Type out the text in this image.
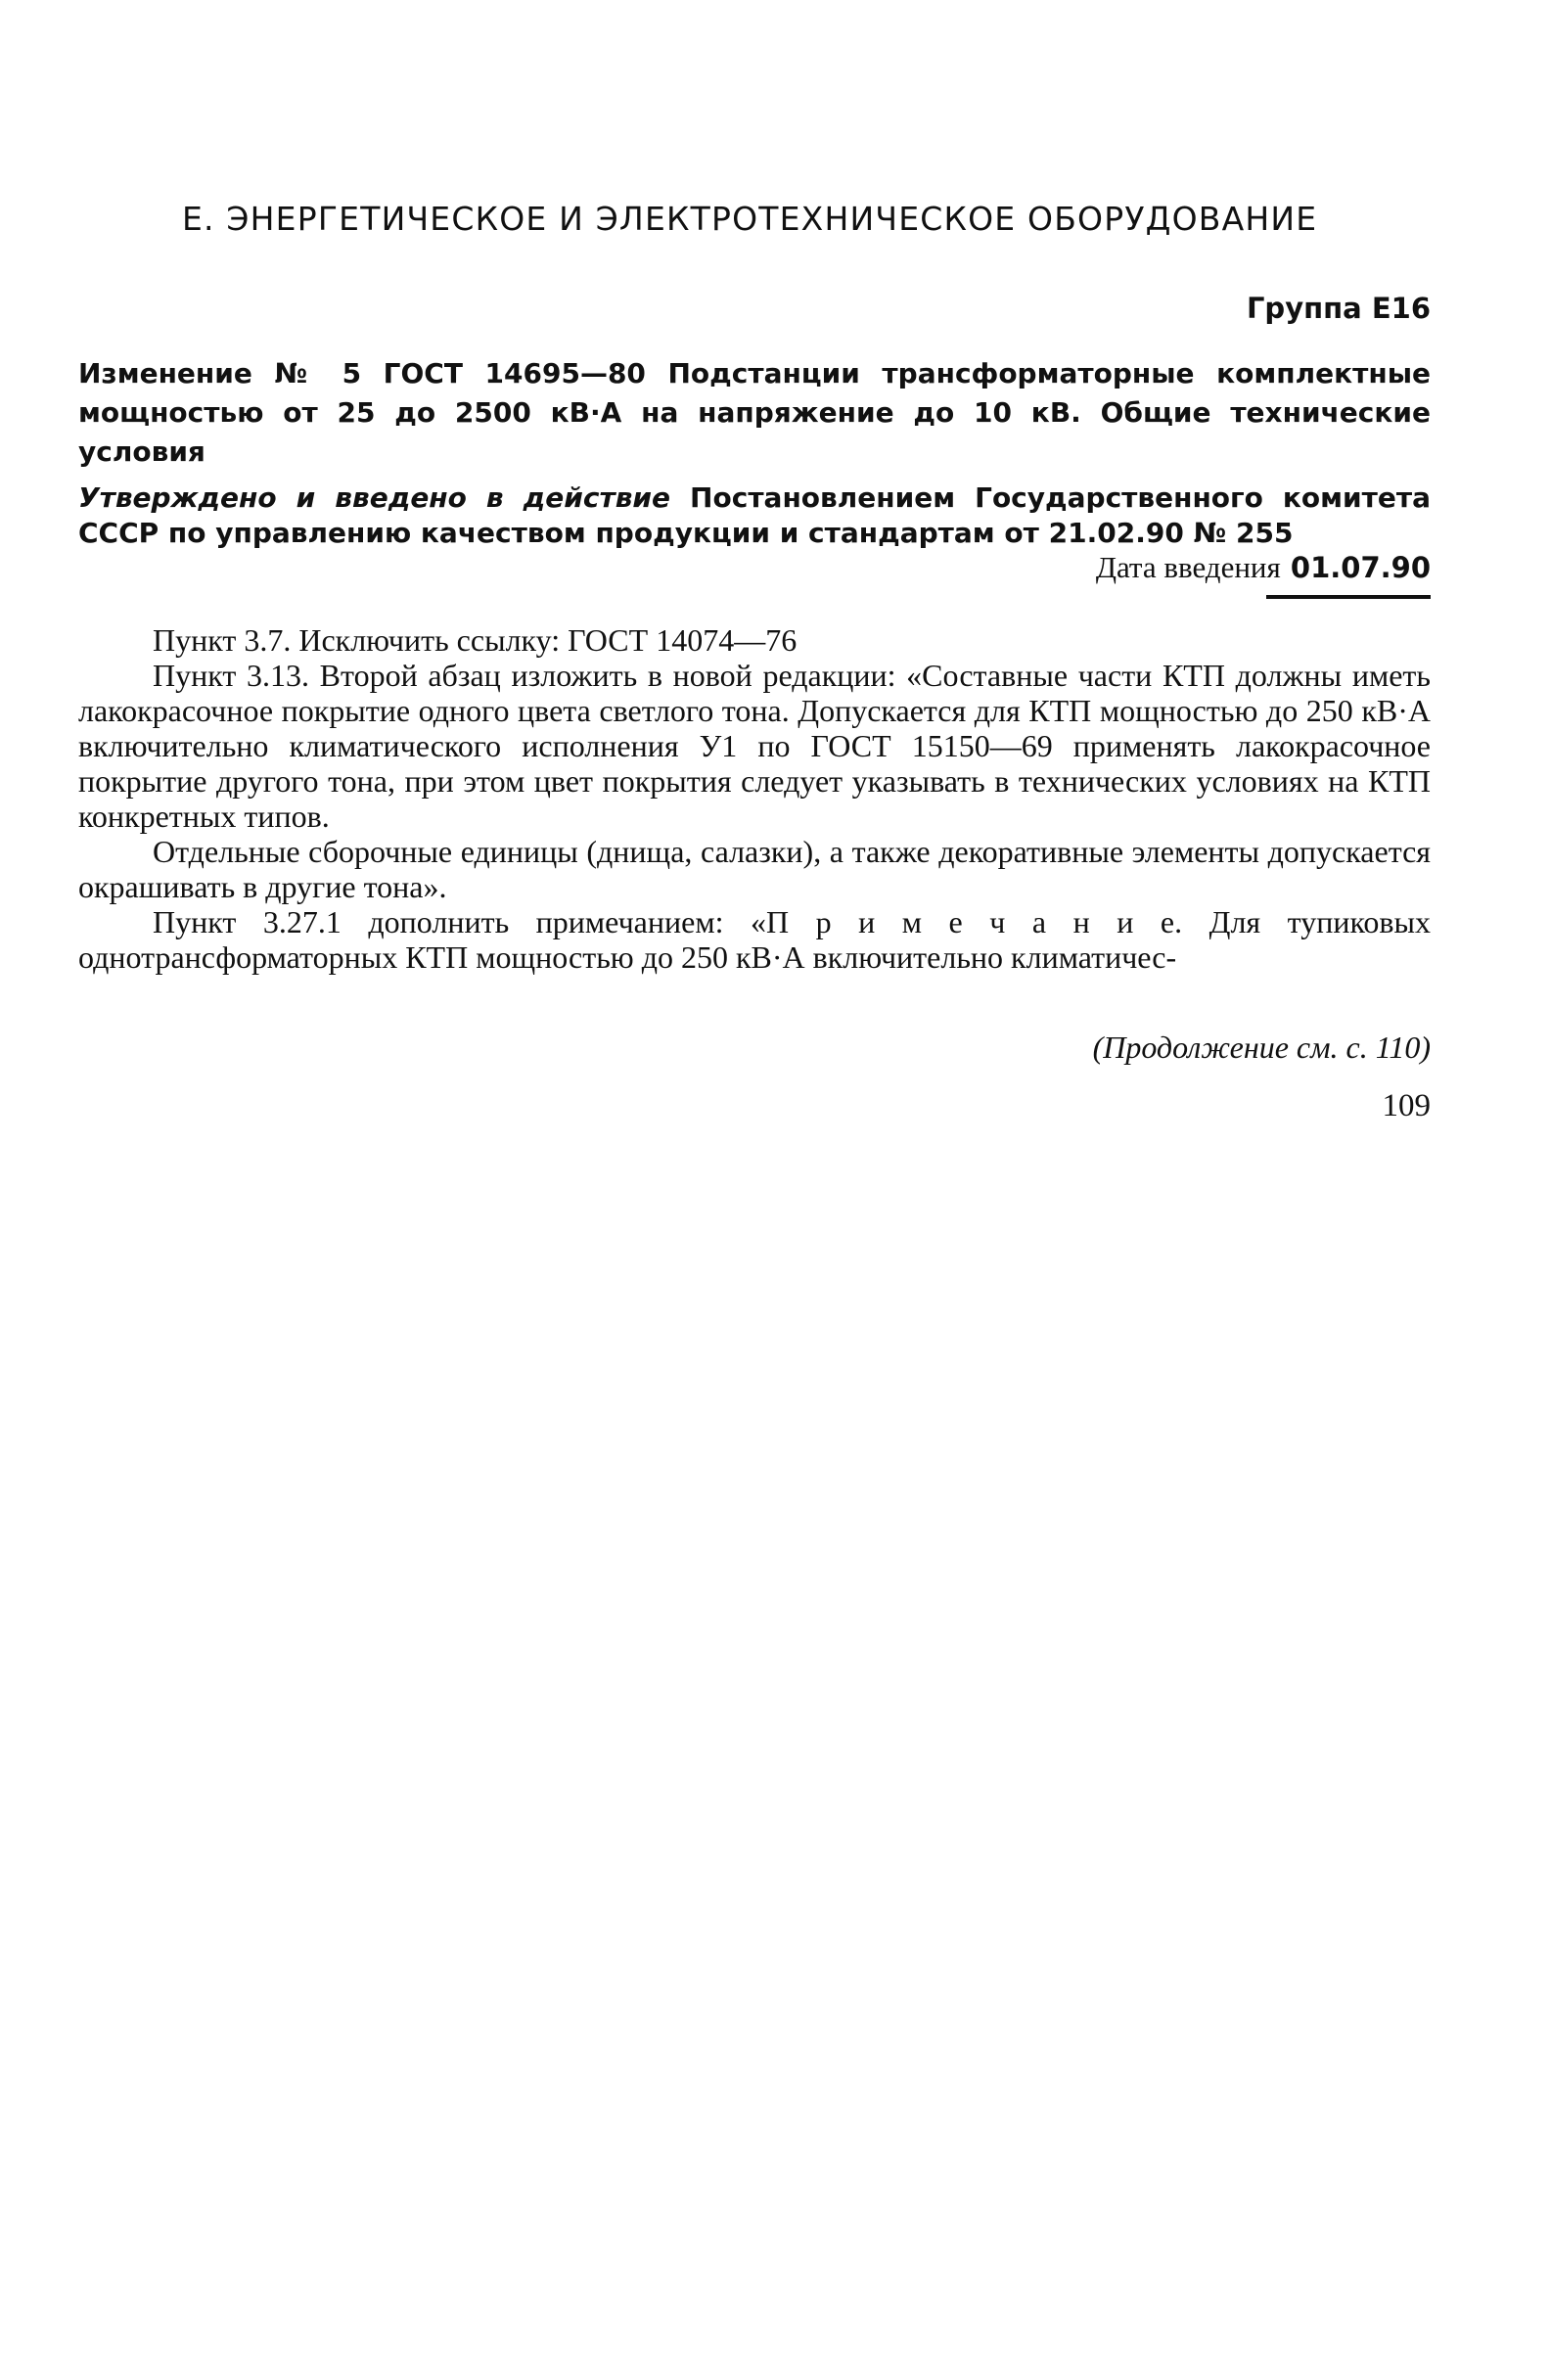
Е. ЭНЕРГЕТИЧЕСКОЕ И ЭЛЕКТРОТЕХНИЧЕСКОЕ ОБОРУДОВАНИЕ
Группа Е16
Изменение № 5 ГОСТ 14695—80 Подстанции трансформаторные комплектные мощностью от 25 до 2500 кВ·А на напряжение до 10 кВ. Общие технические условия
Утверждено и введено в действие Постановлением Государственного комитета СССР по управлению качеством продукции и стандартам от 21.02.90 № 255
Дата введения 01.07.90

Пункт 3.7. Исключить ссылку: ГОСТ 14074—76

Пункт 3.13. Второй абзац изложить в новой редакции: «Составные части КТП должны иметь лакокрасочное покрытие одного цвета светлого тона. Допускается для КТП мощностью до 250 кВ·А включительно климатического исполнения У1 по ГОСТ 15150—69 применять лакокрасочное покрытие другого тона, при этом цвет покрытия следует указывать в технических условиях на КТП конкретных типов.

Отдельные сборочные единицы (днища, салазки), а также декоративные элементы допускается окрашивать в другие тона».

Пункт 3.27.1 дополнить примечанием: «П р и м е ч а н и е. Для тупиковых однотрансформаторных КТП мощностью до 250 кВ·А включительно климатичес-

(Продолжение см. с. 110)
109
